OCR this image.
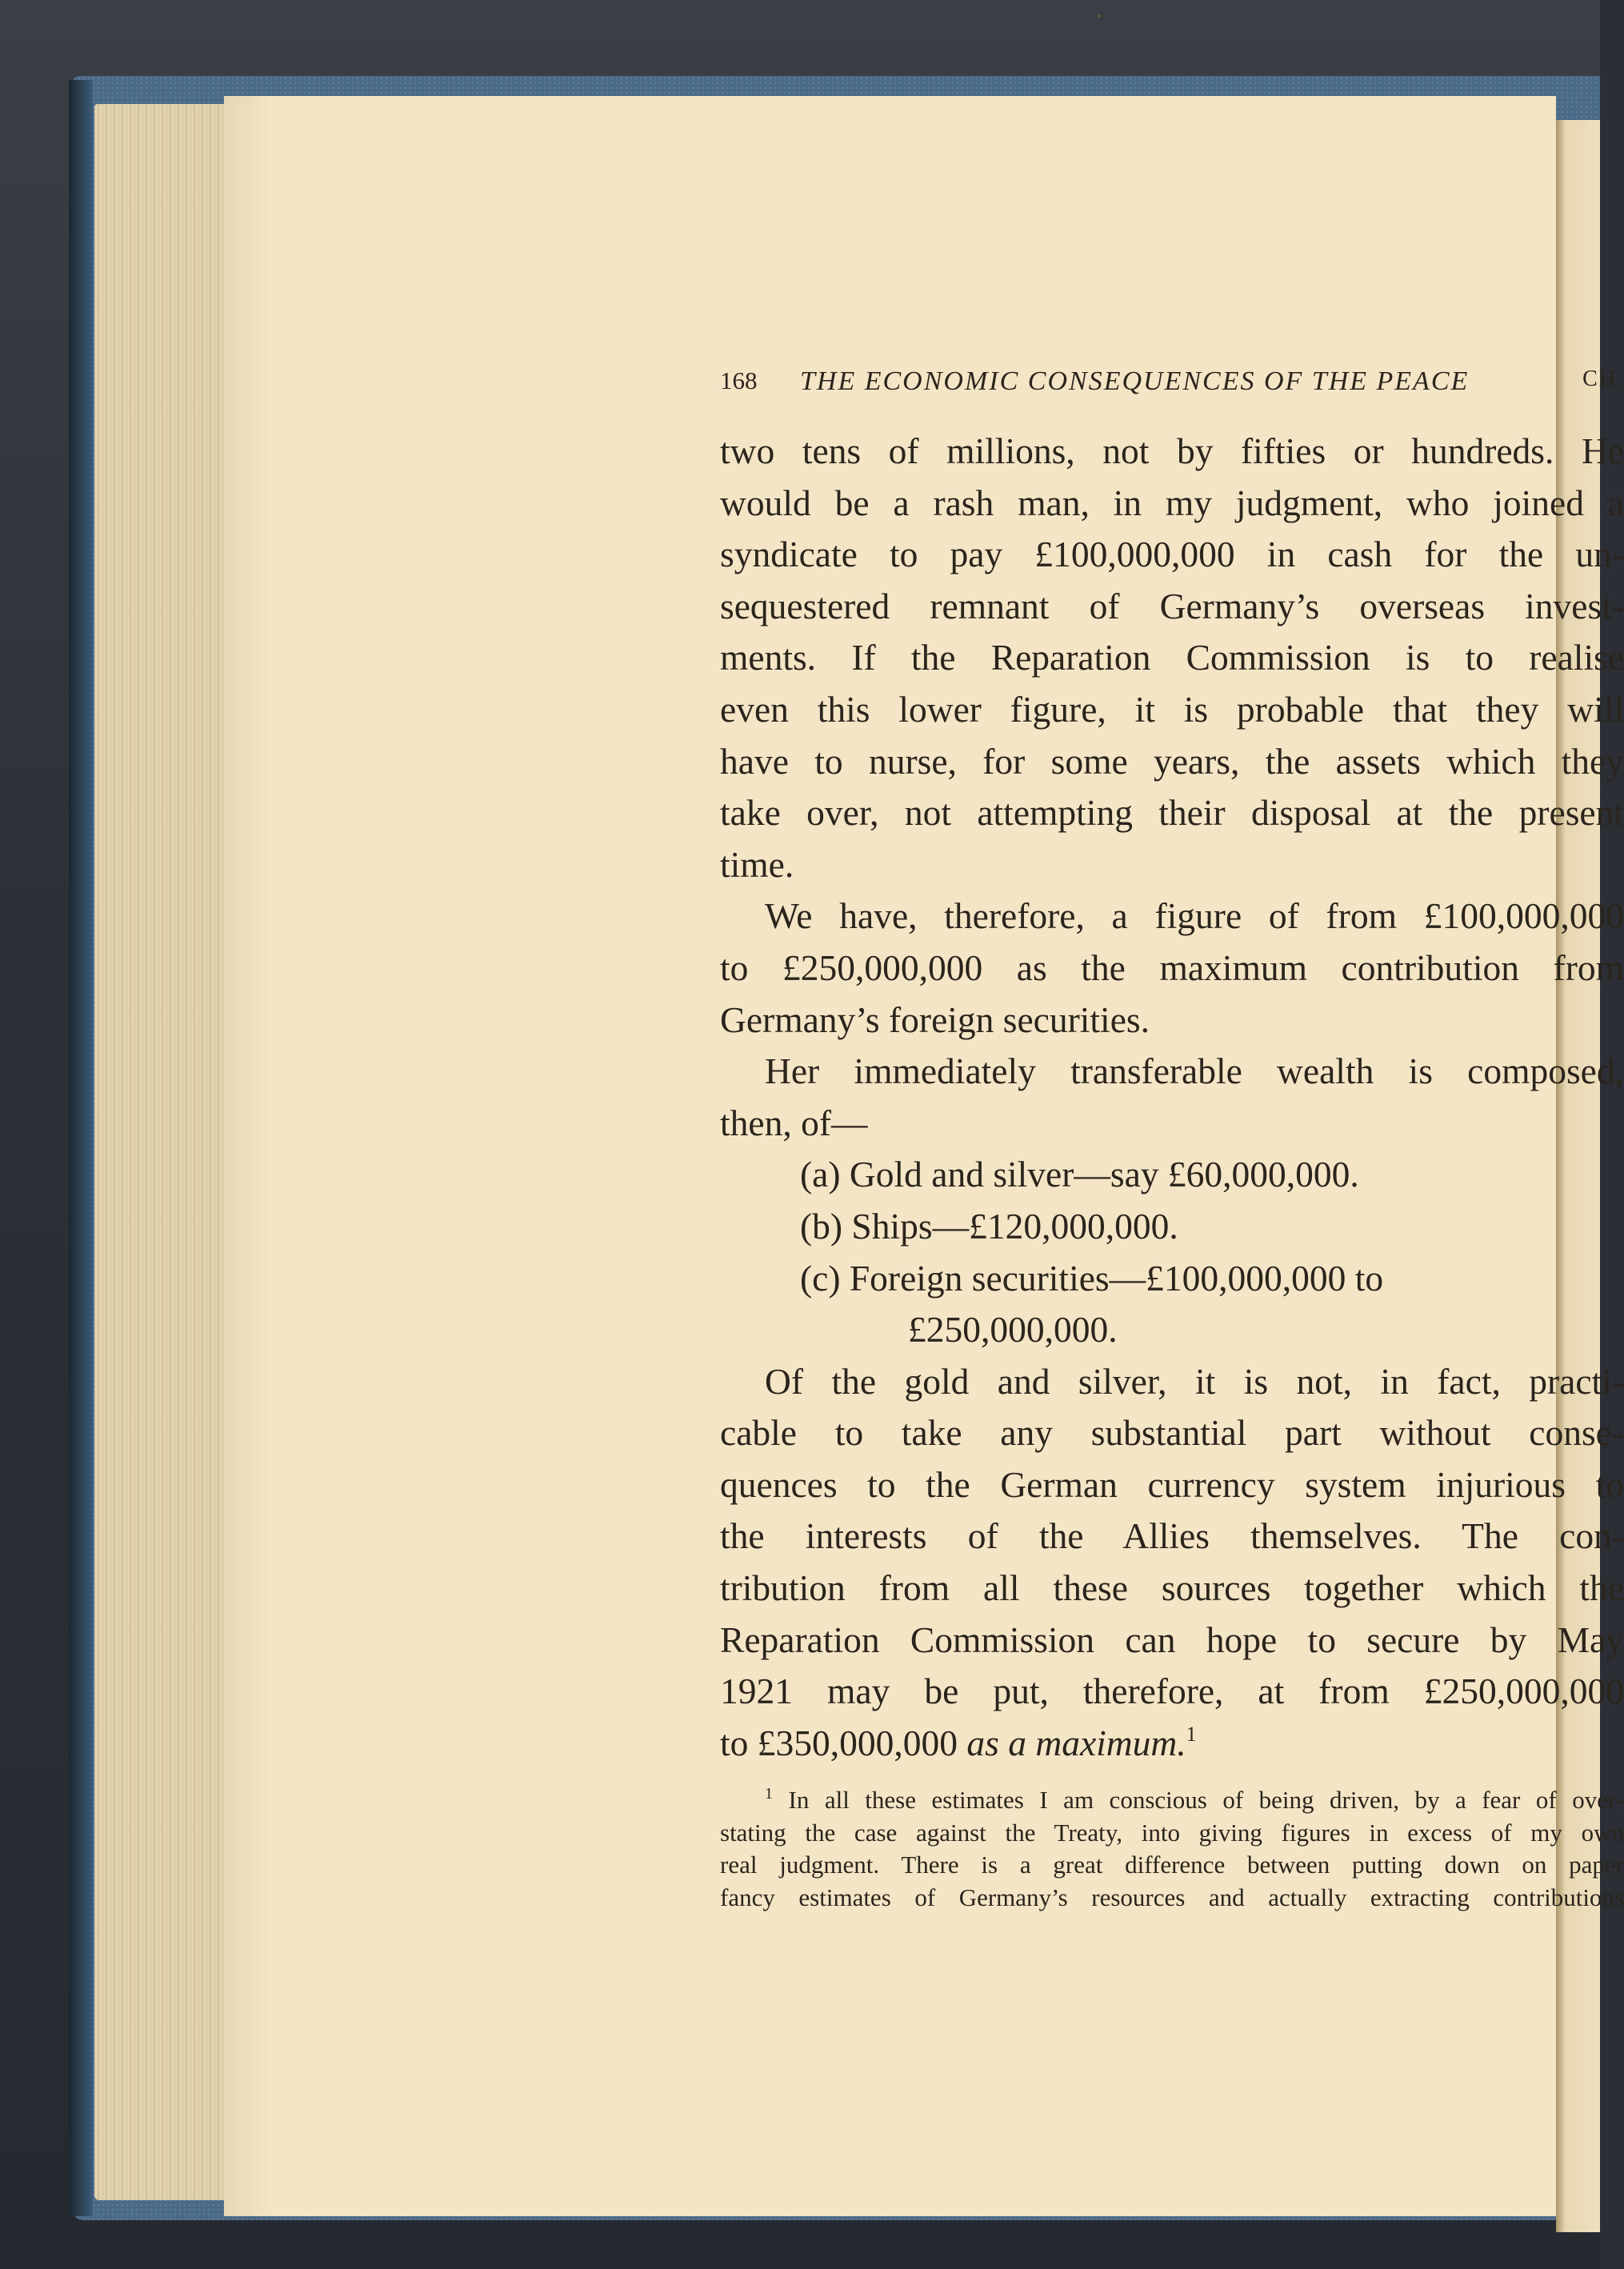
168 THE ECONOMIC CONSEQUENCES OF THE PEACE	CH.
two tens of millions, not by fifties or hundreds. He
would be a rash man, in my judgment, who joined a
syndicate to pay £100,000,000 in cash for the un-
sequestered remnant of Germany’s overseas invest-
ments. If the Reparation Commission is to realise
even this lower figure, it is probable that they will
have to nurse, for some years, the assets which they
take over, not attempting their disposal at the present
time.
We have, therefore, a figure of from £100,000,000
to £250,000,000 as the maximum contribution from
Germany’s foreign securities.
Her immediately transferable wealth is composed,
then, of—
(a) Gold and silver—say £60,000,000.
(b) Ships—£120,000,000.
(c) Foreign securities—£100,000,000 to
£250,000,000.
Of the gold and silver, it is not, in fact, practi-
cable to take any substantial part without conse-
quences to the German currency system injurious to
the interests of the Allies themselves. The con-
tribution from all these sources together which the
Reparation Commission can hope to secure by May
1921 may be put, therefore, at from £250,000,000
to £350,000,000 as a maximum.$^1$
$^1$ In all these estimates I am conscious of being driven, by a fear of over-
stating the case against the Treaty, into giving figures in excess of my own
real judgment. There is a great difference between putting down on paper
fancy estimates of Germany’s resources and actually extracting contributions
